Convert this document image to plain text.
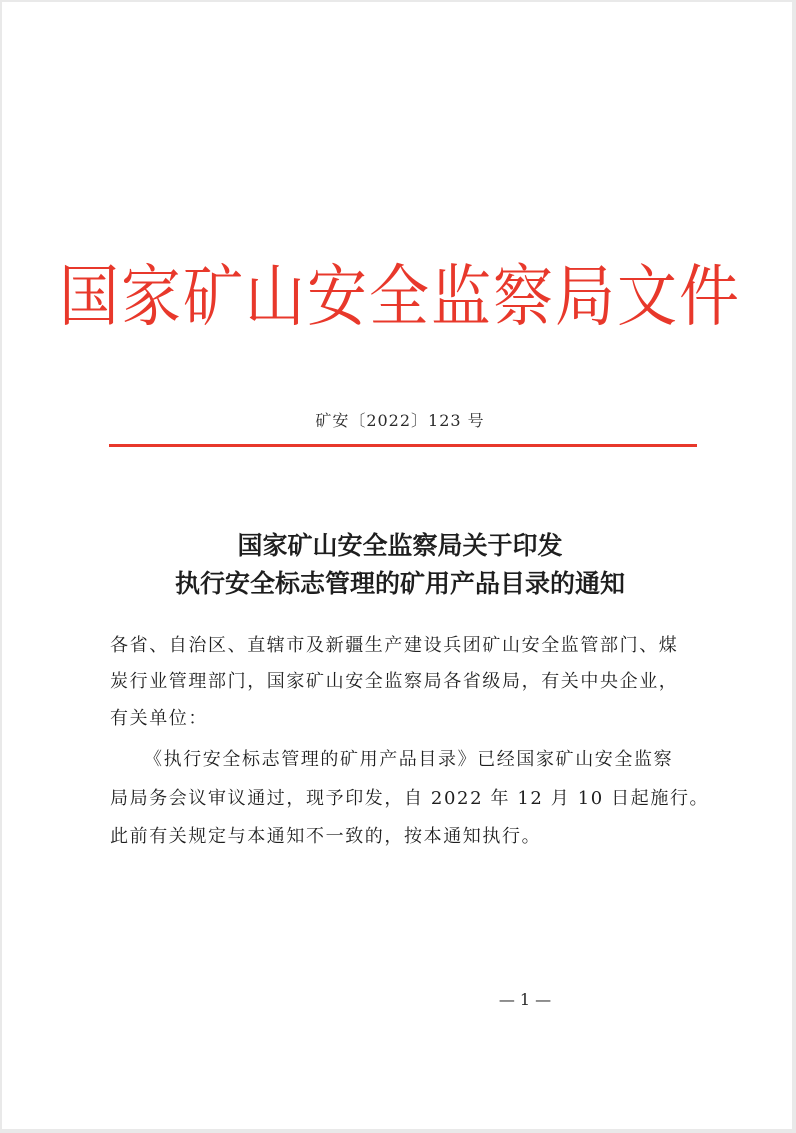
国家矿山安全监察局文件
矿安〔2022〕123 号
国家矿山安全监察局关于印发
执行安全标志管理的矿用产品目录的通知
各省、自治区、直辖市及新疆生产建设兵团矿山安全监管部门、煤
炭行业管理部门，国家矿山安全监察局各省级局，有关中央企业，
有关单位：
《执行安全标志管理的矿用产品目录》已经国家矿山安全监察
局局务会议审议通过，现予印发，自 2022 年 12 月 10 日起施行。
此前有关规定与本通知不一致的，按本通知执行。
— 1 —
